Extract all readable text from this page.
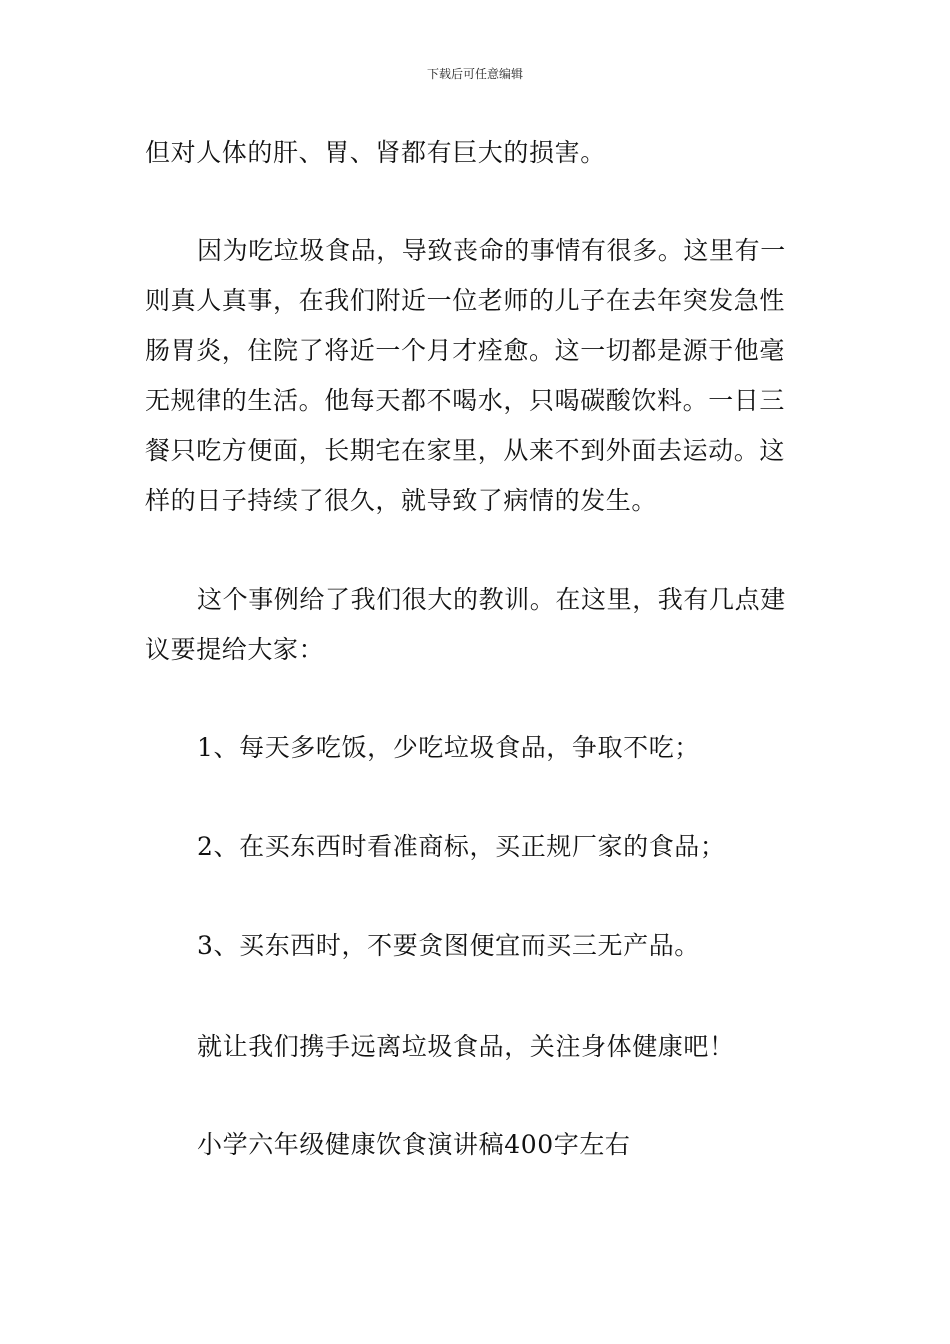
下载后可任意编辑
但对人体的肝、胃、肾都有巨大的损害。
因为吃垃圾食品，导致丧命的事情有很多。这里有一
则真人真事，在我们附近一位老师的儿子在去年突发急性
肠胃炎，住院了将近一个月才痊愈。这一切都是源于他毫
无规律的生活。他每天都不喝水，只喝碳酸饮料。一日三
餐只吃方便面，长期宅在家里，从来不到外面去运动。这
样的日子持续了很久，就导致了病情的发生。
这个事例给了我们很大的教训。在这里，我有几点建
议要提给大家：
1、每天多吃饭，少吃垃圾食品，争取不吃；
2、在买东西时看准商标，买正规厂家的食品；
3、买东西时，不要贪图便宜而买三无产品。
就让我们携手远离垃圾食品，关注身体健康吧！
小学六年级健康饮食演讲稿400字左右
